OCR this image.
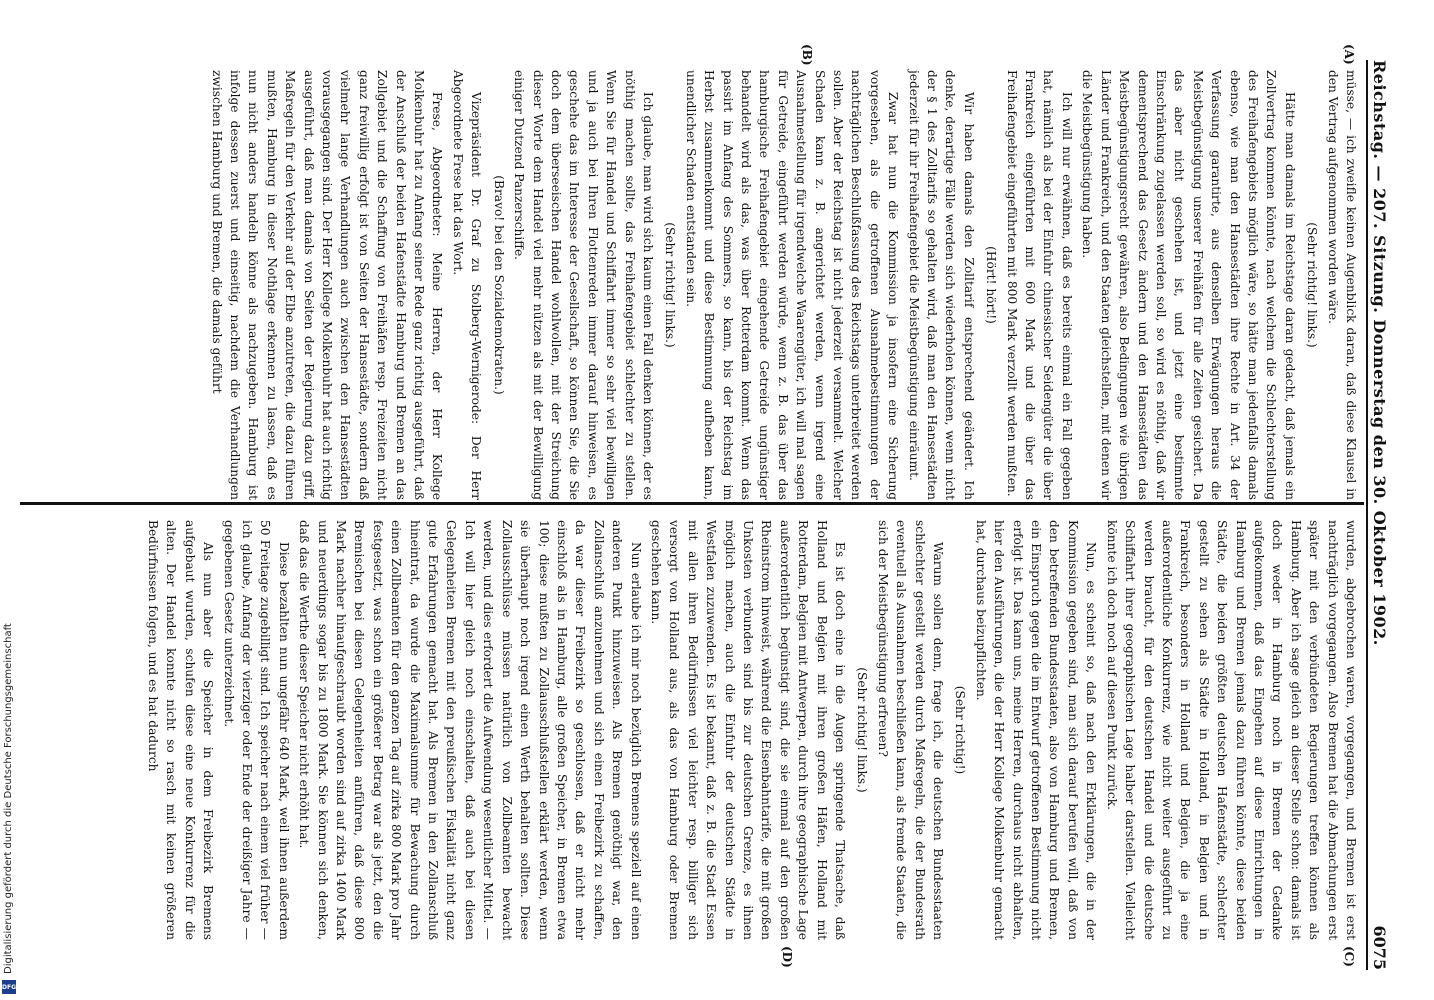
Reichstag. — 207. Sitzung. Donnerstag den 30. Oktober 1902.
6075
(A)
(B)
(C)
(D)

müsse, — ich zweifle keinen Augenblick daran, daß diese Klausel in den Vertrag aufgenommen worden wäre.

(Sehr richtig! links.)

Hätte man damals im Reichstage daran gedacht, daß jemals ein Zollvertrag kommen könnte, nach welchem die Schlechterstellung des Freihafengebiets möglich wäre, so hätte man jedenfalls damals ebenso, wie man den Hansestädten ihre Rechte in Art. 34 der Verfassung garantirte, aus denselben Erwägungen heraus die Meistbegünstigung unserer Freihäfen für alle Zeiten gesichert. Da das aber nicht geschehen ist, und jetzt eine bestimmte Einschränkung zugelassen werden soll, so wird es nöthig, daß wir dementsprechend das Gesetz ändern und den Hansestädten das Meistbegünstigungsrecht gewähren, also Bedingungen wie übrigen Länder und Frankreich, und den Staaten gleichstellen, mit denen wir die Meistbegünstigung haben.

Ich will nur erwähnen, daß es bereits einmal ein Fall gegeben hat, nämlich als bei der Einfuhr chinesischer Seidengüter die über Frankreich eingeführten mit 600 Mark und die über das Freihafengebiet eingeführten mit 800 Mark verzollt werden mußten.

(Hört! hört!)

Wir haben damals den Zolltarif entsprechend geändert. Ich denke, derartige Fälle werden sich wiederholen können, wenn nicht der § 1 des Zolltarifs so gehalten wird, daß man den Hansestädten jederzeit für ihr Freihafengebiet die Meistbegünstigung einräumt.

Zwar hat nun die Kommission ja insofern eine Sicherung vorgesehen, als die getroffenen Ausnahmebestimmungen der nachträglichen Beschlußfassung des Reichstags unterbreitet werden sollen. Aber der Reichstag ist nicht jederzeit versammelt. Welcher Schaden kann z. B. angerichtet werden, wenn irgend eine Ausnahmestellung für irgendwelche Waarengüter, ich will mal sagen für Getreide, eingeführt werden würde, wenn z. B. das über das hamburgische Freihafengebiet eingehende Getreide ungünstiger behandelt wird als das, was über Rotterdam kommt. Wenn das passirt im Anfang des Sommers, so kann, bis der Reichstag im Herbst zusammenkommt und diese Bestimmung aufheben kann, unendlicher Schaden entstanden sein.

(Sehr richtig! links.)

Ich glaube, man wird sich kaum einen Fall denken können, der es nöthig machen sollte, das Freihafengebiet schlechter zu stellen. Wenn Sie für Handel und Schiffahrt immer so sehr viel bewilligen und ja auch bei Ihren Flottenreden immer darauf hinweisen, es geschehe das im Interesse der Gesellschaft, so können Sie, die Sie doch dem überseeischen Handel wohlwollen, mit der Streichung dieser Worte dem Handel viel mehr nützen als mit der Bewilligung einiger Dutzend Panzerschiffe.

(Bravo! bei den Sozialdemokraten.)

Vizepräsident Dr. Graf zu Stolberg-Wernigerode: Der Herr Abgeordnete Frese hat das Wort.

Frese, Abgeordneter: Meine Herren, der Herr Kollege Molkenbuhr hat zu Anfang seiner Rede ganz richtig ausgeführt, daß der Anschluß der beiden Hafenstädte Hamburg und Bremen an das Zollgebiet und die Schaffung von Freihäfen resp. Freizeiten nicht ganz freiwillig erfolgt ist von Seiten der Hansestädte, sondern daß vielmehr lange Verhandlungen auch zwischen den Hansestädten vorausgegangen sind. Der Herr Kollege Molkenbuhr hat auch richtig ausgeführt, daß man damals von Seiten der Regierung dazu griff, Maßregeln für den Verkehr auf der Elbe anzutreten, die dazu führen mußten, Hamburg in dieser Nothlage erkennen zu lassen, daß es nun nicht anders handeln könne als nachzugeben. Hamburg ist infolge dessen zuerst und einseitig, nachdem die Verhandlungen zwischen Hamburg und Bremen, die damals geführt

wurden, abgebrochen waren, vorgegangen, und Bremen ist erst nachträglich vorgegangen. Also Bremen hat die Abmachungen erst später mit den verbündeten Regierungen treffen können als Hamburg. Aber ich sage gleich an dieser Stelle schon: damals ist doch weder in Hamburg noch in Bremen der Gedanke aufgekommen, daß das Eingehen auf diese Einrichtungen in Hamburg und Bremen jemals dazu führen könnte, diese beiden Städte, die beiden größten deutschen Hafenstädte, schlechter gestellt zu sehen als Städte in Holland, in Belgien und in Frankreich, besonders in Holland und Belgien, die ja eine außerordentliche Konkurrenz, wie nicht weiter ausgeführt zu werden braucht, für den deutschen Handel und die deutsche Schiffahrt ihrer geographischen Lage halber darstellen. Vielleicht könnte ich doch noch auf diesen Punkt zurück.

Nun, es scheint so, daß nach den Erklärungen, die in der Kommission gegeben sind, man sich darauf berufen will, daß von den betreffenden Bundesstaaten, also von Hamburg und Bremen, ein Einspruch gegen die im Entwurf getroffenen Bestimmung nicht erfolgt ist. Das kann uns, meine Herren, durchaus nicht abhalten, hier den Ausführungen, die der Herr Kollege Molkenbuhr gemacht hat, durchaus beizupflichten.

(Sehr richtig!)

Warum sollen denn, frage ich, die deutschen Bundesstaaten schlechter gestellt werden durch Maßregeln, die der Bundesrath eventuell als Ausnahmen beschließen kann, als fremde Staaten, die sich der Meistbegünstigung erfreuen?

(Sehr richtig! links.)

Es ist doch eine in die Augen springende Thatsache, daß Holland und Belgien mit ihren großen Häfen, Holland mit Rotterdam, Belgien mit Antwerpen, durch ihre geographische Lage außerordentlich begünstigt sind, die sie einmal auf den großen Rheinstrom hinweist, während die Eisenbahntarife, die mit großen Unkosten verbunden sind bis zur deutschen Grenze, es ihnen möglich machen, auch die Einfuhr der deutschen Städte in Westfalen zuzuwenden. Es ist bekannt, daß z. B. die Stadt Essen mit allen ihren Bedürfnissen viel leichter resp. billiger sich versorgt von Holland aus, als das von Hamburg oder Bremen geschehen kann.

Nun erlaube ich mir noch bezüglich Bremens speziell auf einen anderen Punkt hinzuweisen. Als Bremen genöthigt war, den Zollanschluß anzunehmen und sich einen Freibezirk zu schaffen, da war dieser Freibezirk so geschlossen, daß er nicht mehr einschloß als in Hamburg, alle großen Speicher, in Bremen etwa 100; diese mußten zu Zollausschlußstellen erklärt werden, wenn sie überhaupt noch irgend einen Werth behalten sollten. Diese Zollausschlüsse müssen natürlich von Zollbeamten bewacht werden, und dies erfordert die Aufwendung wesentlicher Mittel. — Ich will hier gleich noch einschalten, daß auch bei diesen Gelegenheiten Bremen mit den preußischen Fiskalität nicht ganz gute Erfahrungen gemacht hat. Als Bremen in den Zollanschluß hineintrat, da wurde die Maximalsumme für Bewachung durch einen Zollbeamten für den ganzen Tag auf zirka 800 Mark pro Jahr festgesetzt, was schon ein größerer Betrag war als jetzt, den die Bremischen bei diesen Gelegenheiten anführen, daß diese 800 Mark nachher hinaufgeschraubt worden sind auf zirka 1400 Mark und neuerdings sogar bis zu 1800 Mark. Sie können sich denken, daß das die Werthe dieser Speicher nicht erhöht hat.

Diese bezahlten nun ungefähr 640 Mark, weil ihnen außerdem 50 Freitage zugebilligt sind. Ich speicher nach einem viel früher — ich glaube, Anfang der vierziger oder Ende der dreißiger Jahre — gegebenen Gesetz unterzeichnet.

Als nun aber die Speicher in dem Freibezirk Bremens aufgebaut wurden, schufen diese eine neue Konkurrenz für die alten. Der Handel konnte nicht so rasch mit keinen größeren Bedürfnissen folgen, und es hat dadurch

DFG
Digitalisierung gefördert durch die Deutsche Forschungsgemeinschaft
